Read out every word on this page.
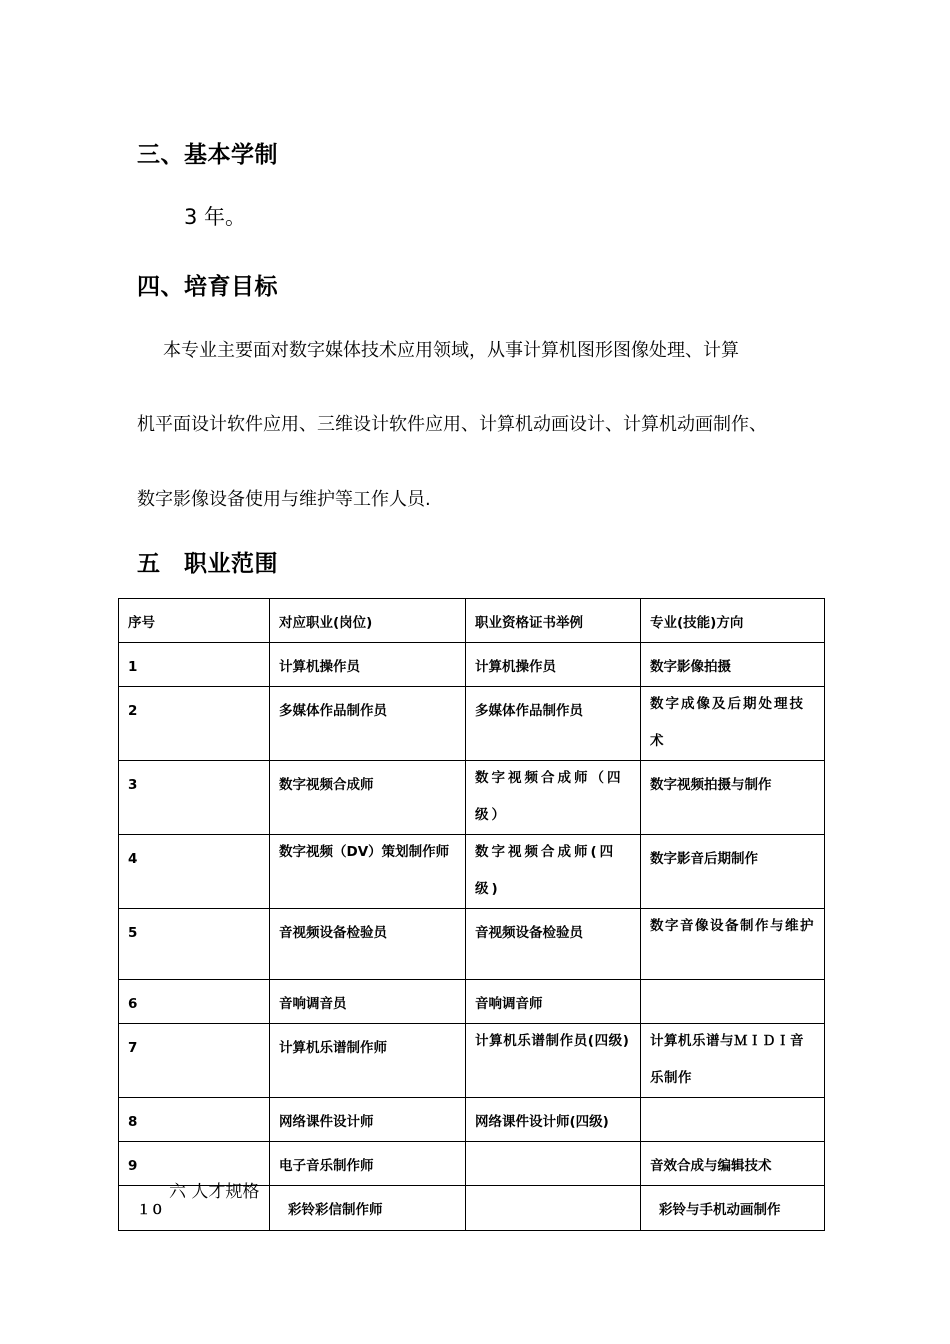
三、基本学制
3 年。
四、培育目标

本专业主要面对数字媒体技术应用领域，从事计算机图形图像处理、计算

机平面设计软件应用、三维设计软件应用、计算机动画设计、计算机动画制作、

数字影像设备使用与维护等工作人员.

五　职业范围
序号	对应职业(岗位)	职业资格证书举例	专业(技能)方向
1	计算机操作员	计算机操作员	数字影像拍摄
2	多媒体作品制作员	多媒体作品制作员	数字成像及后期处理技术

3	数字视频合成师	数字视频合成师（四级）	数字视频拍摄与制作
4	数字视频（DV）策划制作师	数字视频合成师(四级)	数字影音后期制作
5	音视频设备检验员	音视频设备检验员	数字音像设备制作与维护

6	音响调音员	音响调音师	
7	计算机乐谱制作师	计算机乐谱制作员(四级)	计算机乐谱与ＭＩＤＩ音乐制作

8	网络课件设计师	网络课件设计师(四级)	
9	电子音乐制作师		音效合成与编辑技术
１０	彩铃彩信制作师		彩铃与手机动画制作
六 人才规格
